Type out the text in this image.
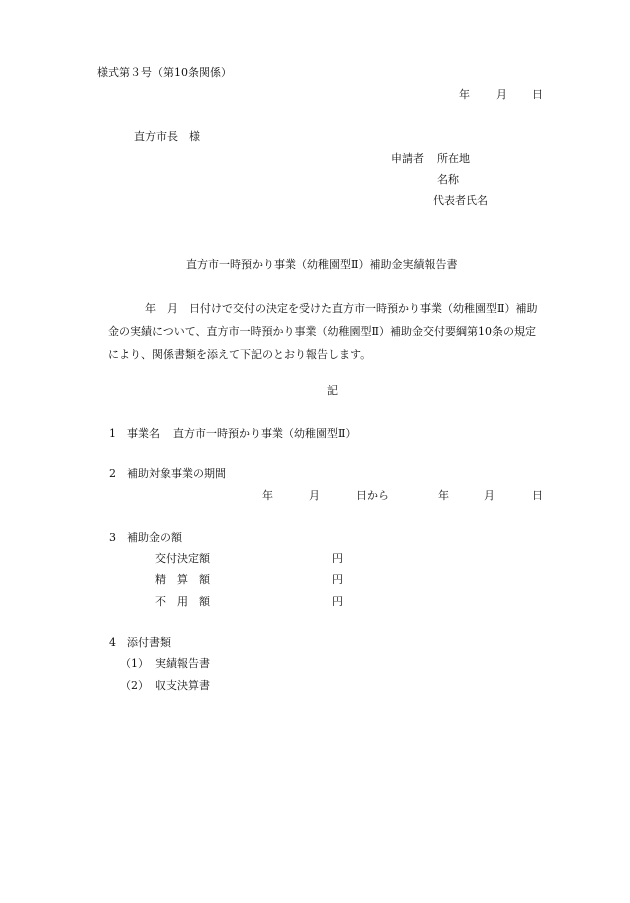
様式第３号（第10条関係）
年 月 日
直方市長　様
申請者 所在地
名称
代表者氏名
直方市一時預かり事業（幼稚園型Ⅱ）補助金実績報告書
年　月　日付けで交付の決定を受けた直方市一時預かり事業（幼稚園型Ⅱ）補助
金の実績について、直方市一時預かり事業（幼稚園型Ⅱ）補助金交付要綱第10条の規定
により、関係書類を添えて下記のとおり報告します。
記
1 事業名 直方市一時預かり事業（幼稚園型Ⅱ）
2 補助対象事業の期間
年	月	日から	年	月	日
3 補助金の額
交付決定額	円
精　算　額	円
不　用　額	円
4 添付書類
（1） 実績報告書
（2） 収支決算書
